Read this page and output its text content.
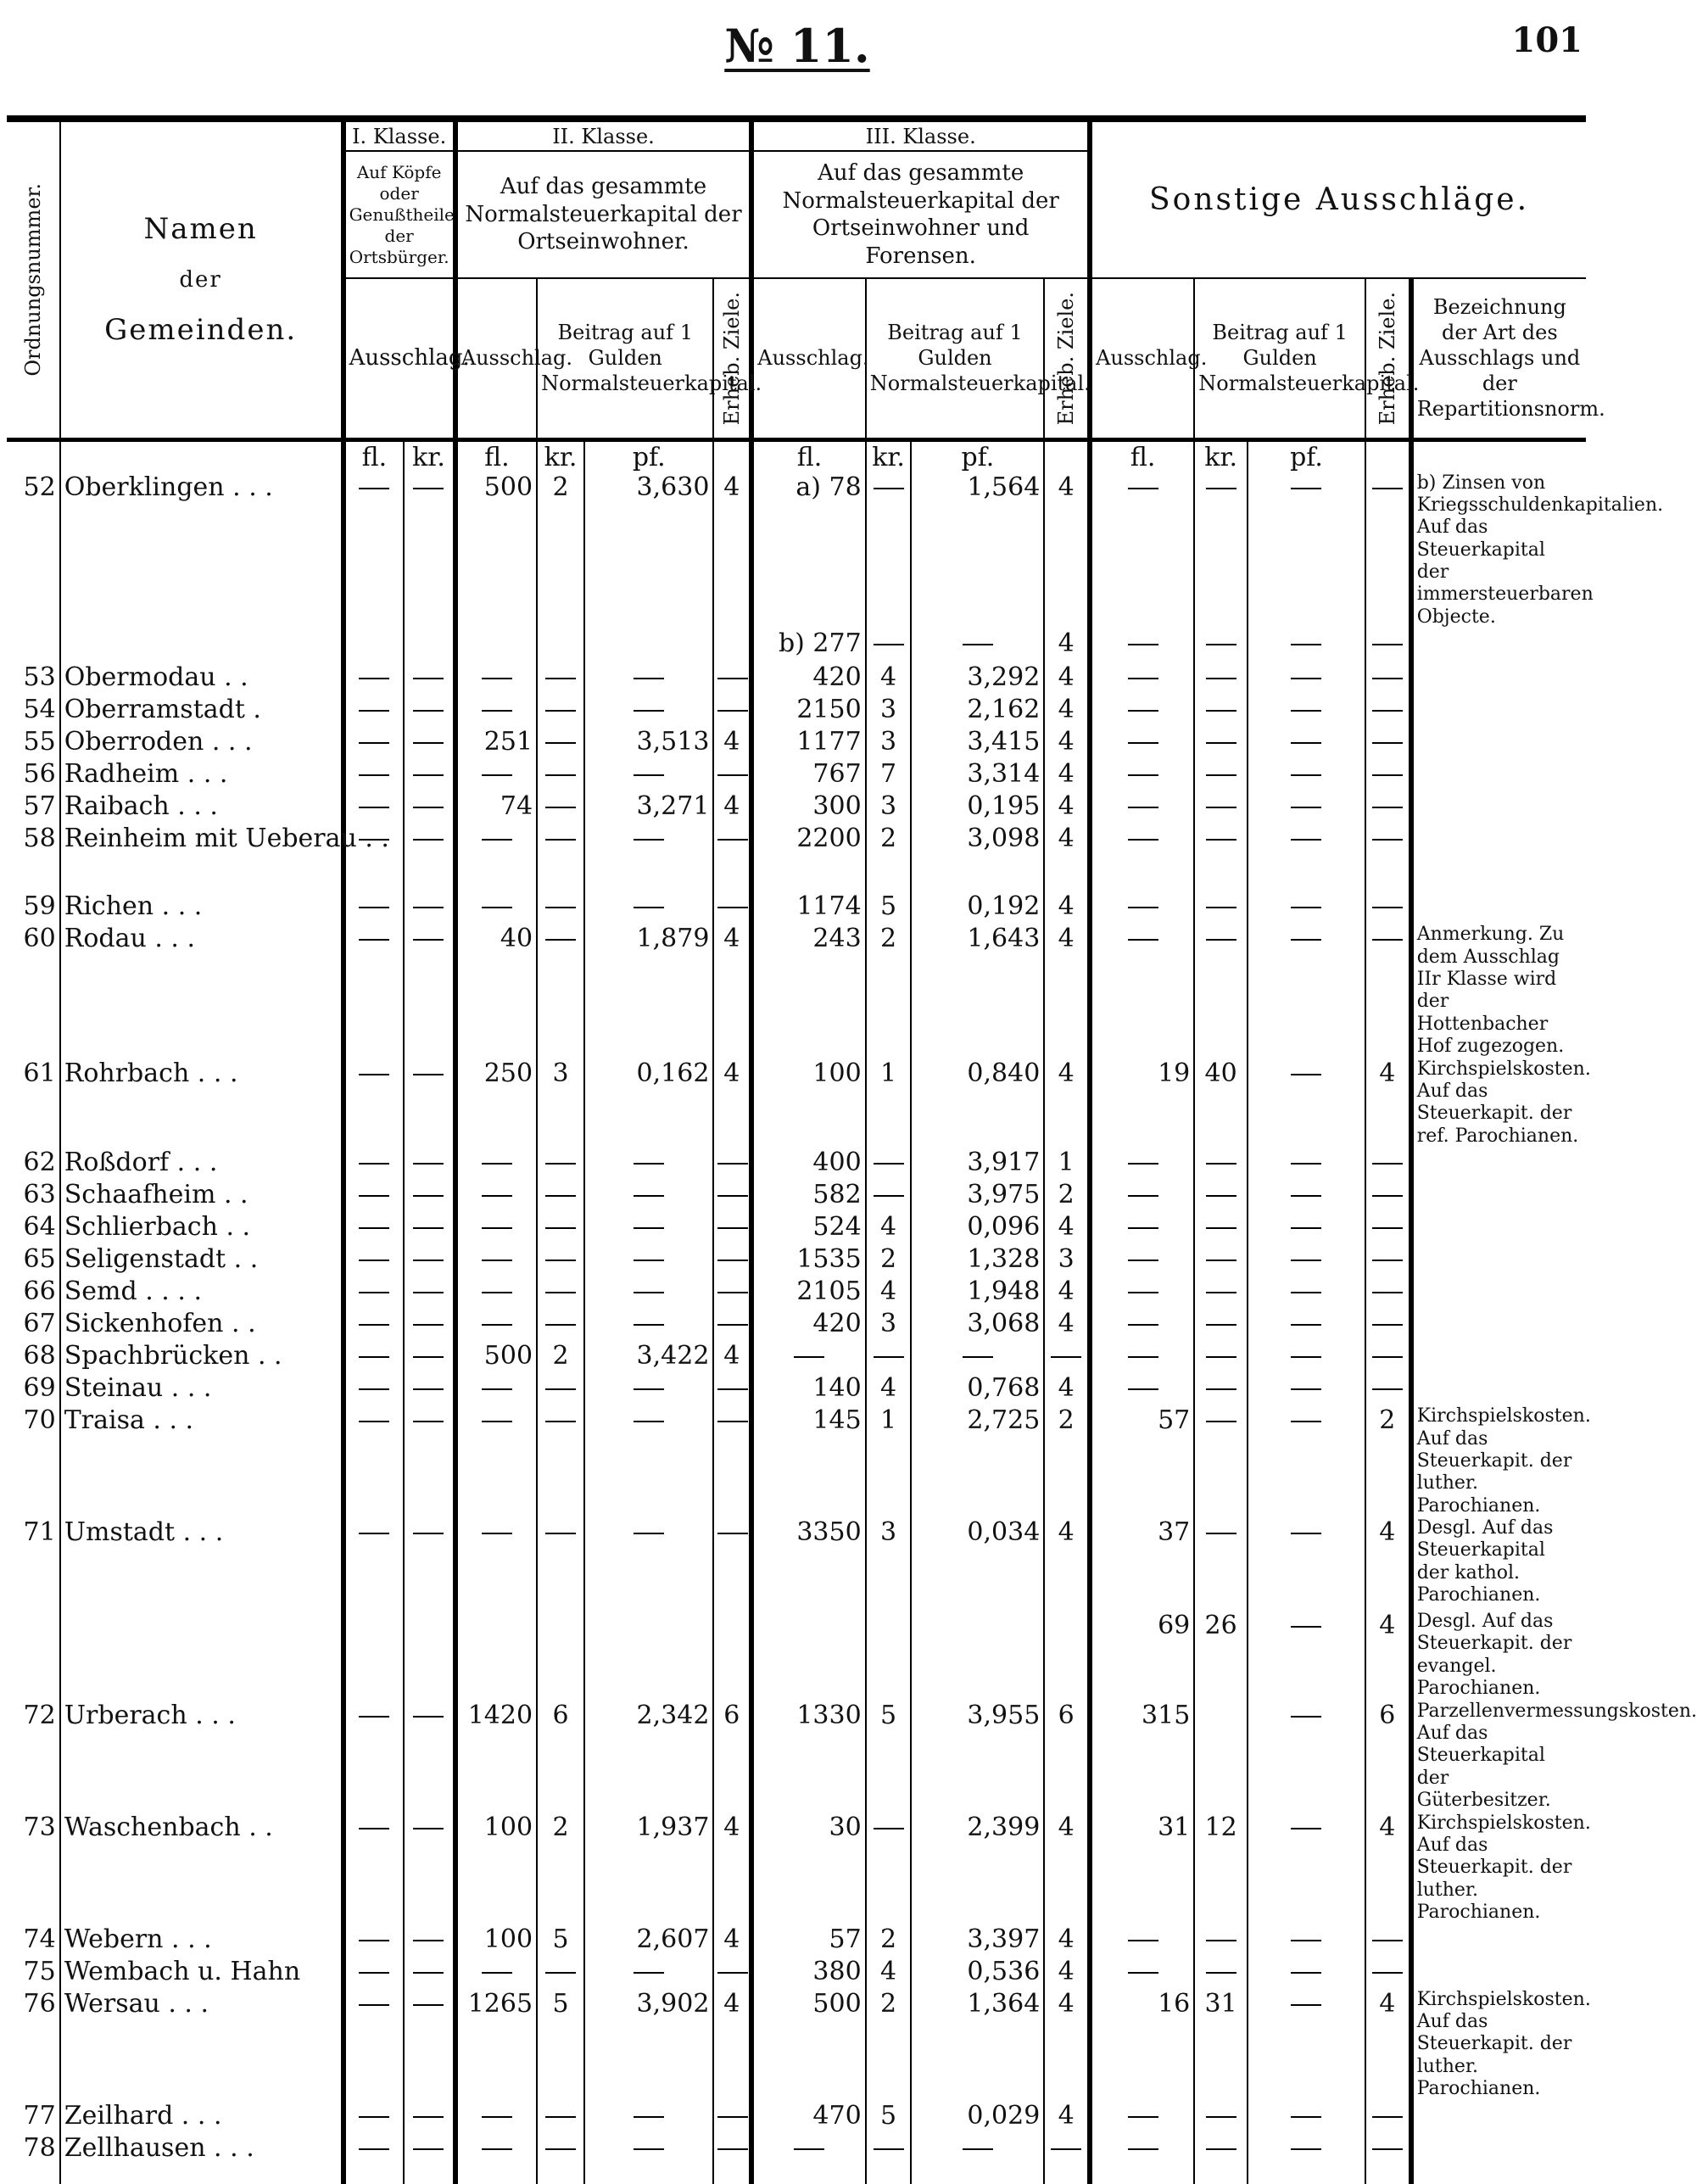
№ 11.	101
Ordnungsnummer.	Namen
der
Gemeinden.	I. Klasse.		II. Klasse.				III. Klasse.				Sonstige Ausschläge.				
		Auf Köpfe oder Genußtheile der Ortsbürger.		Auf das gesammte Normalsteuerkapital der Ortseinwohner.				Auf das gesammte Normalsteuerkapital der Ortseinwohner und Forensen.								
		Ausschlag.		Ausschlag.	Beitrag auf 1 Gulden Normalsteuerkapital.		Erheb. Ziele.	Ausschlag.	Beitrag auf 1 Gulden Normalsteuerkapital.		Erheb. Ziele.	Ausschlag.	Beitrag auf 1 Gulden Normalsteuerkapital.		Erheb. Ziele.	Bezeichnung der Art des Ausschlags und der Repartitionsnorm.
		fl.	kr.	fl.	kr.	pf.		fl.	kr.	pf.		fl.	kr.	pf.		
52	Oberklingen . . .			500	2	3,630	4	a) 78		1,564	4					b) Zinsen von Kriegsschuldenkapitalien. Auf das Steuerkapital der immersteuerbaren Objecte.
								b) 277			4					
53	Obermodau . .							420	4	3,292	4					
54	Oberramstadt .							2150	3	2,162	4					
55	Oberroden . . .			251		3,513	4	1177	3	3,415	4					
56	Radheim . . .							767	7	3,314	4					
57	Raibach . . .			74		3,271	4	300	3	0,195	4					
58	Reinheim mit Ueberau . .							2200	2	3,098	4					
59	Richen . . .							1174	5	0,192	4					
60	Rodau . . .			40		1,879	4	243	2	1,643	4					Anmerkung. Zu dem Ausschlag IIr Klasse wird der Hottenbacher Hof zugezogen.
61	Rohrbach . . .			250	3	0,162	4	100	1	0,840	4	19	40		4	Kirchspielskosten. Auf das Steuerkapit. der ref. Parochianen.
62	Roßdorf . . .							400		3,917	1					
63	Schaafheim . .							582		3,975	2					
64	Schlierbach . .							524	4	0,096	4					
65	Seligenstadt . .							1535	2	1,328	3					
66	Semd . . . .							2105	4	1,948	4					
67	Sickenhofen . .							420	3	3,068	4					
68	Spachbrücken . .			500	2	3,422	4									
69	Steinau . . .							140	4	0,768	4					
70	Traisa . . .							145	1	2,725	2	57			2	Kirchspielskosten. Auf das Steuerkapit. der luther. Parochianen.
71	Umstadt . . .							3350	3	0,034	4	37			4	Desgl. Auf das Steuerkapital der kathol. Parochianen.
												69	26		4	Desgl. Auf das Steuerkapit. der evangel. Parochianen.
72	Urberach . . .			1420	6	2,342	6	1330	5	3,955	6	315			6	Parzellenvermessungskosten. Auf das Steuerkapital der Güterbesitzer.
73	Waschenbach . .			100	2	1,937	4	30		2,399	4	31	12		4	Kirchspielskosten. Auf das Steuerkapit. der luther. Parochianen.
74	Webern . . .			100	5	2,607	4	57	2	3,397	4					
75	Wembach u. Hahn							380	4	0,536	4					
76	Wersau . . .			1265	5	3,902	4	500	2	1,364	4	16	31		4	Kirchspielskosten. Auf das Steuerkapit. der luther. Parochianen.
77	Zeilhard . . .							470	5	0,029	4					
78	Zellhausen . . .															
